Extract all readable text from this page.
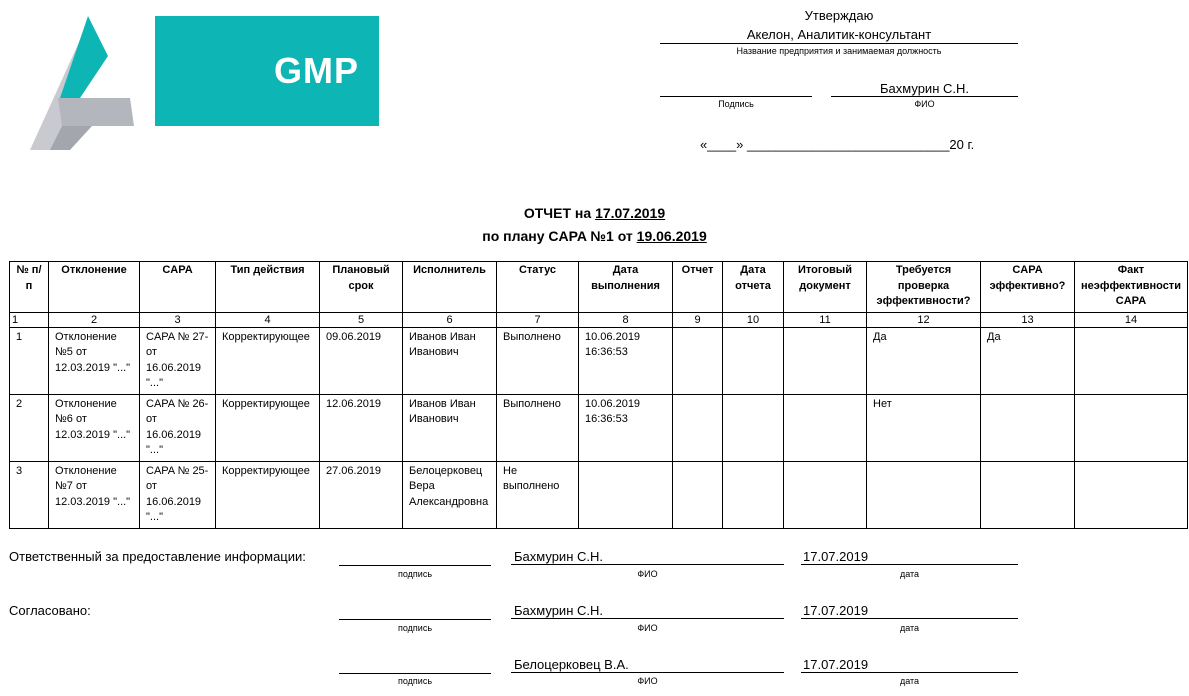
GMP
Утверждаю
Акелон, Аналитик-консультант
Название предприятия и занимаемая должность
Подпись
Бахмурин С.Н.
ФИО
«____» ____________________________20 г.
ОТЧЕТ на 17.07.2019
по плану CAPA №1 от 19.06.2019
№ п/п	Отклонение	CAPA	Тип действия	Плановый срок	Исполнитель	Статус	Дата выполнения	Отчет	Дата отчета	Итоговый документ	Требуется проверка эффективности?	CAPA эффективно?	Факт неэффективности CAPA
1	2	3	4	5	6	7	8	9	10	11	12	13	14
1	Отклонение №5 от 12.03.2019 "..."	CAPA № 27-от 16.06.2019 "..."	Корректирующее	09.06.2019	Иванов Иван Иванович	Выполнено	10.06.2019 16:36:53				Да	Да	
2	Отклонение №6 от 12.03.2019 "..."	CAPA № 26-от 16.06.2019 "..."	Корректирующее	12.06.2019	Иванов Иван Иванович	Выполнено	10.06.2019 16:36:53				Нет		
3	Отклонение №7 от 12.03.2019 "..."	CAPA № 25-от 16.06.2019 "..."	Корректирующее	27.06.2019	Белоцерковец Вера Александровна	Не выполнено							
Ответственный за предоставление информации:
Согласовано:
подпись
Бахмурин С.Н.
ФИО
17.07.2019
дата
подпись
Бахмурин С.Н.
ФИО
17.07.2019
дата
подпись
Белоцерковец В.А.
ФИО
17.07.2019
дата
